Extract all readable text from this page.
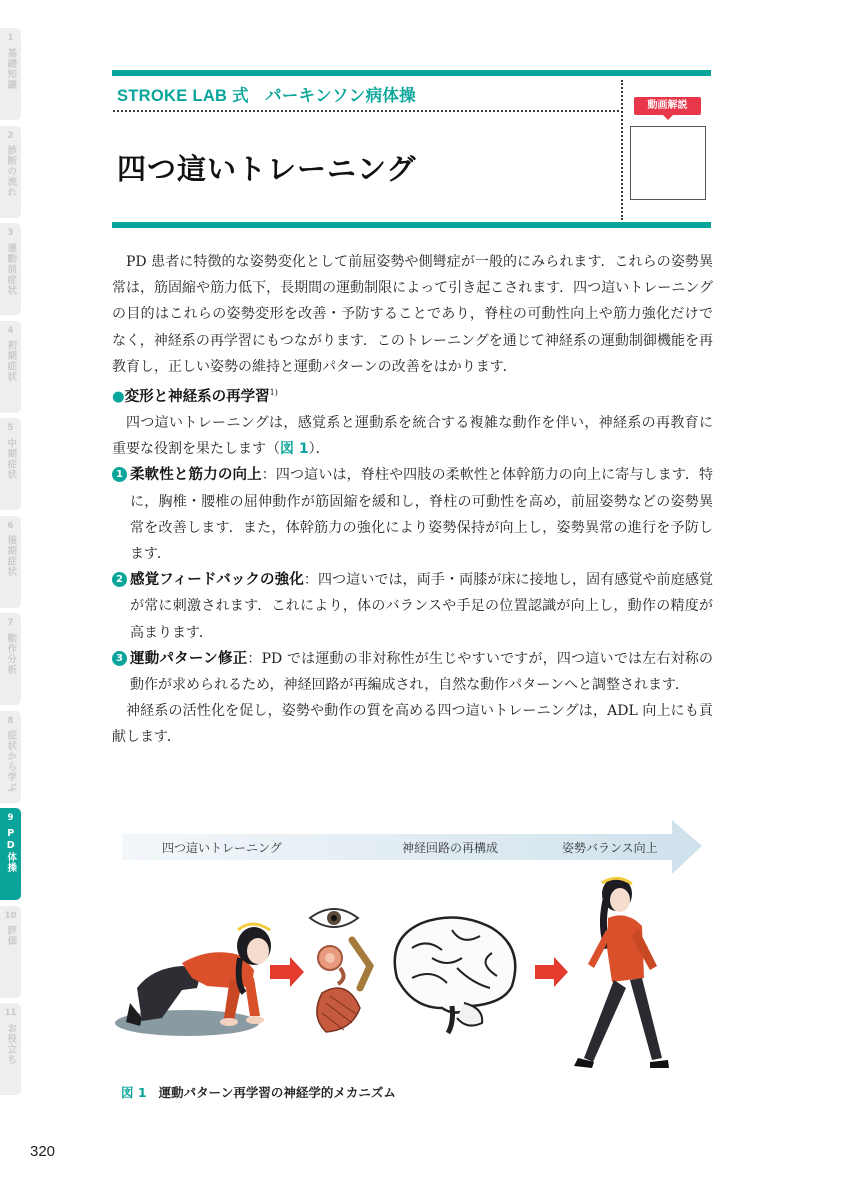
1
基礎知識
2
診断の流れ
3
運動前症状
4
初期症状
5
中期症状
6
後期症状
7
動作分析
8
症状から学ぶ
9
PD体操
10
評価
11
お役立ち
STROKE LAB 式 パーキンソン病体操
四つ這いトレーニング
動画解説

PD 患者に特徴的な姿勢変化として前屈姿勢や側彎症が一般的にみられます．これらの姿勢異常は，筋固縮や筋力低下，長期間の運動制限によって引き起こされます．四つ這いトレーニングの目的はこれらの姿勢変形を改善・予防することであり，脊柱の可動性向上や筋力強化だけでなく，神経系の再学習にもつながります．このトレーニングを通じて神経系の運動制御機能を再教育し，正しい姿勢の維持と運動パターンの改善をはかります．

●変形と神経系の再学習$^{1)}$

四つ這いトレーニングは，感覚系と運動系を統合する複雑な動作を伴い，神経系の再教育に重要な役割を果たします（図 1）．

1 柔軟性と筋力の向上：四つ這いは，脊柱や四肢の柔軟性と体幹筋力の向上に寄与します．特に，胸椎・腰椎の屈伸動作が筋固縮を緩和し，脊柱の可動性を高め，前屈姿勢などの姿勢異常を改善します．また，体幹筋力の強化により姿勢保持が向上し，姿勢異常の進行を予防します．
2 感覚フィードバックの強化：四つ這いでは，両手・両膝が床に接地し，固有感覚や前庭感覚が常に刺激されます．これにより，体のバランスや手足の位置認識が向上し，動作の精度が高まります．
3 運動パターン修正：PD では運動の非対称性が生じやすいですが，四つ這いでは左右対称の動作が求められるため，神経回路が再編成され，自然な動作パターンへと調整されます．

神経系の活性化を促し，姿勢や動作の質を高める四つ這いトレーニングは，ADL 向上にも貢献します．

四つ這いトレーニング	神経回路の再構成	姿勢バランス向上
図 1 運動パターン再学習の神経学的メカニズム
320
